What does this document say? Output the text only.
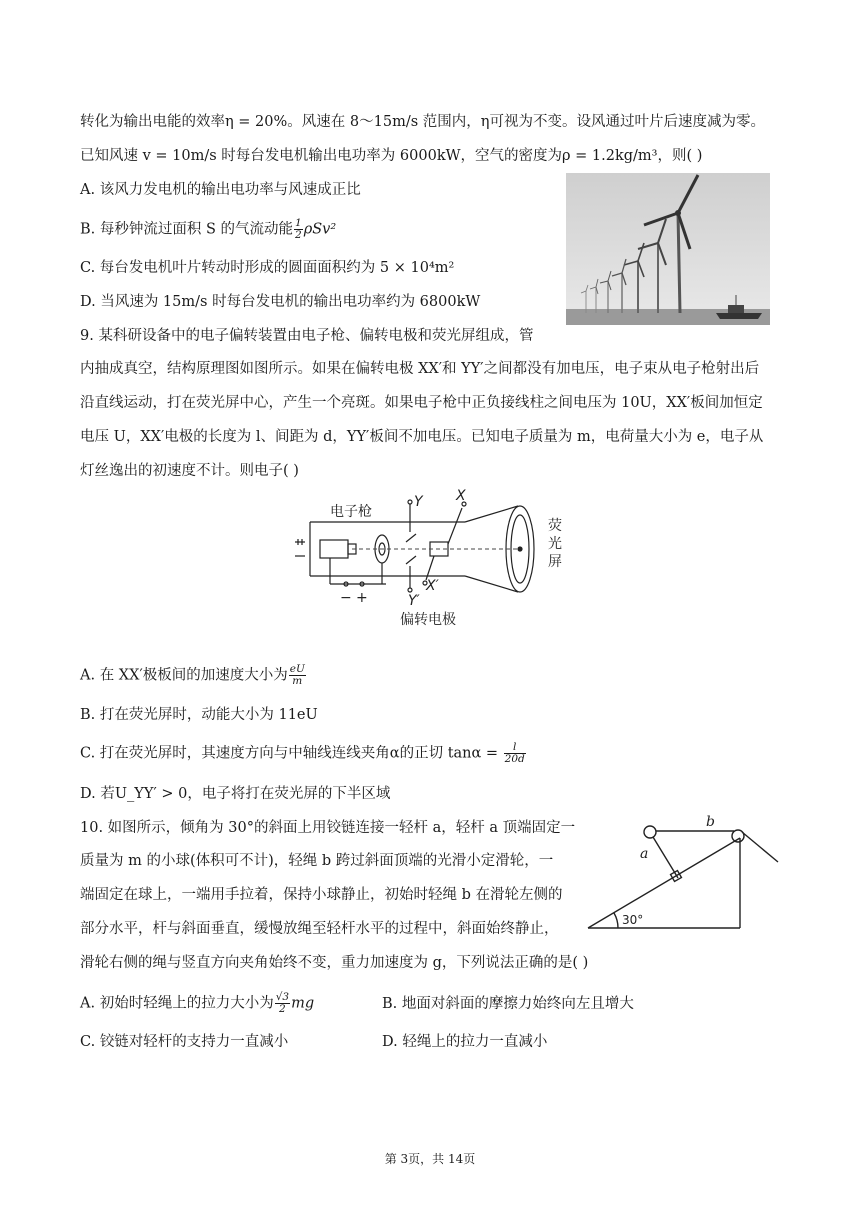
转化为输出电能的效率η = 20%。风速在 8～15m/s 范围内，η可视为不变。设风通过叶片后速度减为零。
已知风速 v = 10m/s 时每台发电机输出电功率为 6000kW，空气的密度为ρ = 1.2kg/m³，则( )
A. 该风力发电机的输出电功率与风速成正比
B. 每秒钟流过面积 S 的气流动能 $\frac{1}{2} \rho Sv^2$
C. 每台发电机叶片转动时形成的圆面面积约为 5 × 10⁴m²
D. 当风速为 15m/s 时每台发电机的输出电功率约为 6800kW
9. 某科研设备中的电子偏转装置由电子枪、偏转电极和荧光屏组成，管
内抽成真空，结构原理图如图所示。如果在偏转电极 XX′和 YY′之间都没有加电压，电子束从电子枪射出后
沿直线运动，打在荧光屏中心，产生一个亮斑。如果电子枪中正负接线柱之间电压为 10U，XX′板间加恒定
电压 U，XX′电极的长度为 l、间距为 d，YY′板间不加电压。已知电子质量为 m，电荷量大小为 e，电子从
灯丝逸出的初速度不计。则电子( )
电子枪
Y X
Y′
X′
荧
光
屏
− +
偏转电极
A. 在 XX′极板间的加速度大小为 $\frac{eU}{m}$
B. 打在荧光屏时，动能大小为 11eU
C. 打在荧光屏时，其速度方向与中轴线连线夹角α的正切 $\tan\alpha = \frac{l}{20d}$
D. 若U_YY′ > 0，电子将打在荧光屏的下半区域
10. 如图所示，倾角为 30°的斜面上用铰链连接一轻杆 a，轻杆 a 顶端固定一
质量为 m 的小球(体积可不计)，轻绳 b 跨过斜面顶端的光滑小定滑轮，一
端固定在球上，一端用手拉着，保持小球静止，初始时轻绳 b 在滑轮左侧的
部分水平，杆与斜面垂直，缓慢放绳至轻杆水平的过程中，斜面始终静止，
滑轮右侧的绳与竖直方向夹角始终不变，重力加速度为 g，下列说法正确的是( )
a
b
30°
A. 初始时轻绳上的拉力大小为 $\frac{√3}{2}$ mg	B. 地面对斜面的摩擦力始终向左且增大
C. 铰链对轻杆的支持力一直减小	D. 轻绳上的拉力一直减小
第 3页，共 14页
